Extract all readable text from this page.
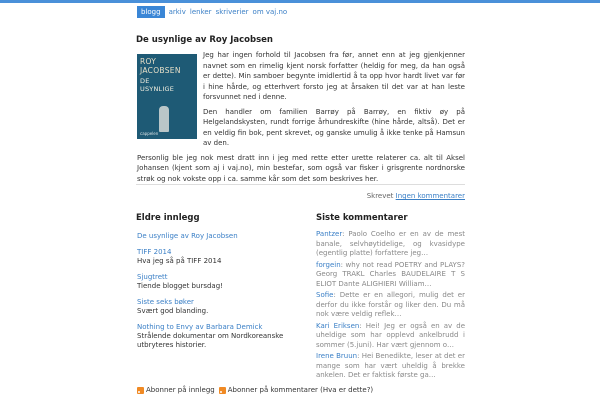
blogg	arkiv lenker skriverier om vaj.no
De usynlige av Roy Jacobsen
ROY
JACOBSEN
DE
USYNLIGE
cappelen

Jeg har ingen forhold til Jacobsen fra før, annet enn at jeg gjenkjenner navnet som en rimelig kjent norsk forfatter (heldig for meg, da han også er dette). Min samboer begynte imidlertid å ta opp hvor hardt livet var før i hine hårde, og etterhvert forsto jeg at årsaken til det var at han leste forsvunnet ned i denne.

Den handler om familien Barrøy på Barrøy, en fiktiv øy på Helgelandskysten, rundt forrige århundreskifte (hine hårde, altså). Det er en veldig fin bok, pent skrevet, og ganske umulig å ikke tenke på Hamsun av den.

Personlig ble jeg nok mest dratt inn i jeg med rette etter urette relaterer ca. alt til Aksel Johansen (kjent som aj i vaj.no), min bestefar, som også var fisker i grisgrente nordnorske strøk og nok vokste opp i ca. samme kår som det som beskrives her.

Skrevet Ingen kommentarer
Eldre innlegg	Siste kommentarer
De usynlige av Roy Jacobsen
TIFF 2014
Hva jeg så på TIFF 2014
Sjugtrett
Tiende blogget bursdag!
Siste seks bøker
Svært god blanding.
Nothing to Envy av Barbara Demick
Strålende dokumentar om Nordkoreanske utbryteres historier.
Pantzer: Paolo Coelho er en av de mest banale, selvhøytidelige, og kvasidype (egentlig platte) forfattere jeg…
forgein: why not read POETRY and PLAYS? Georg TRAKL Charles BAUDELAIRE T S ELIOT Dante ALIGHIERI William…
Sofie: Dette er en allegori, mulig det er derfor du ikke forstår og liker den. Du må nok være veldig reflek…
Kari Eriksen: Hei! Jeg er også en av de uheldige som har opplevd ankelbrudd i sommer (5.juni). Har vært gjennom o…
Irene Bruun: Hei Benedikte, leser at det er mange som har vært uheldig å brekke ankelen. Det er faktisk første ga…
Abonner på innlegg Abonner på kommentarer (Hva er dette?)
